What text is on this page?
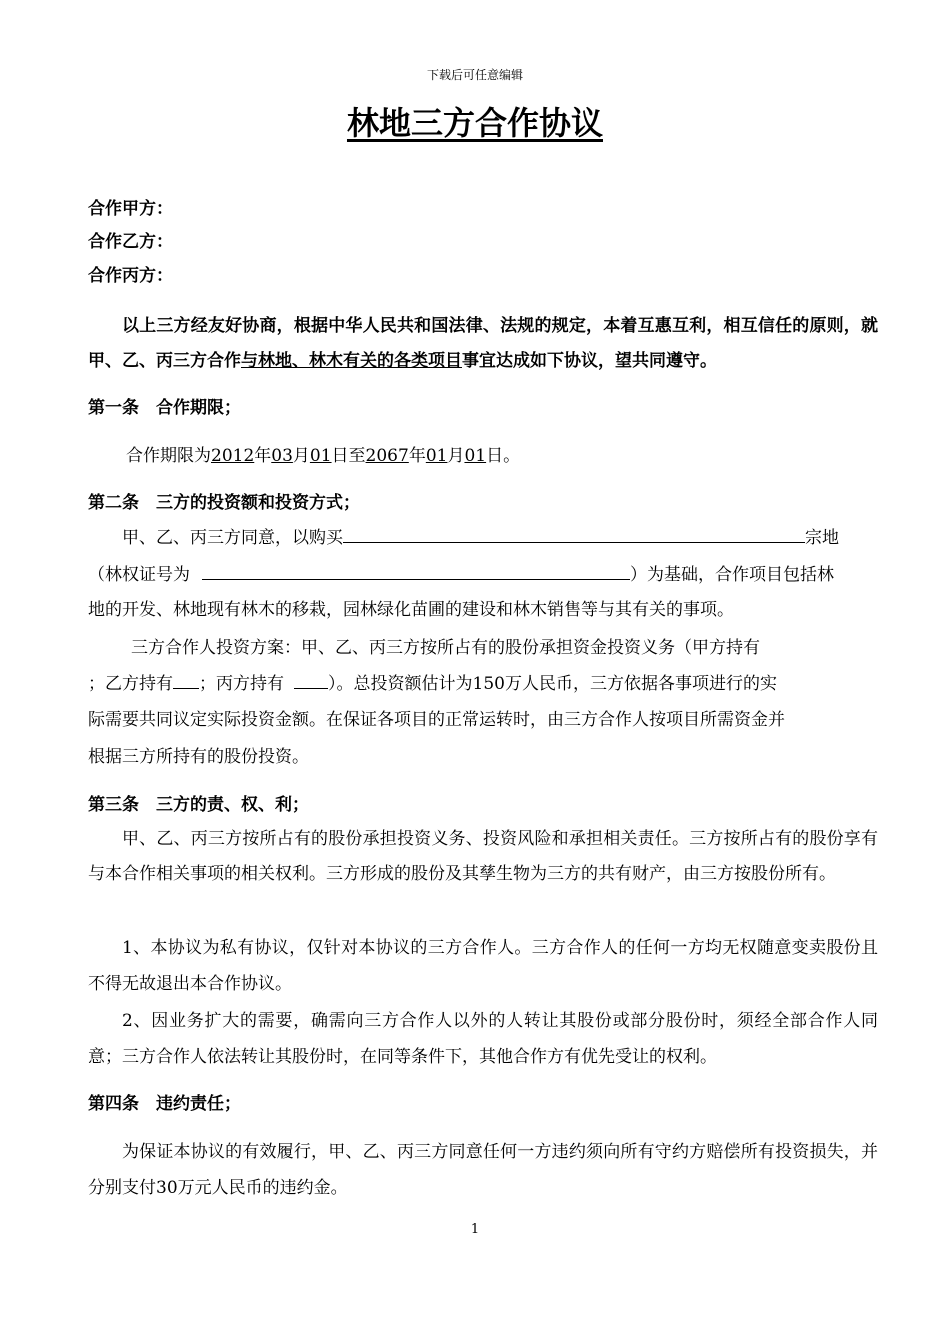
下载后可任意编辑
林地三方合作协议
合作甲方：
合作乙方：
合作丙方：
以上三方经友好协商，根据中华人民共和国法律、法规的规定，本着互惠互利，相互信任的原则，就甲、乙、丙三方合作与林地、林木有关的各类项目事宜达成如下协议，望共同遵守。
第一条　合作期限；
合作期限为2012年03月01日至2067年01月01日。
第二条　三方的投资额和投资方式；
甲、乙、丙三方同意，以购买	宗地
（林权证号为	）为基础，合作项目包括林
地的开发、林地现有林木的移栽，园林绿化苗圃的建设和林木销售等与其有关的事项。
三方合作人投资方案：甲、乙、丙三方按所占有的股份承担资金投资义务（甲方持有
；乙方持有 ；丙方持有	）。总投资额估计为150万人民币，三方依据各事项进行的实
际需要共同议定实际投资金额。在保证各项目的正常运转时，由三方合作人按项目所需资金并
根据三方所持有的股份投资。
第三条　三方的责、权、利；
甲、乙、丙三方按所占有的股份承担投资义务、投资风险和承担相关责任。三方按所占有的股份享有与本合作相关事项的相关权利。三方形成的股份及其孳生物为三方的共有财产，由三方按股份所有。
1、本协议为私有协议，仅针对本协议的三方合作人。三方合作人的任何一方均无权随意变卖股份且不得无故退出本合作协议。
2、因业务扩大的需要，确需向三方合作人以外的人转让其股份或部分股份时，须经全部合作人同意；三方合作人依法转让其股份时，在同等条件下，其他合作方有优先受让的权利。
第四条　违约责任；
为保证本协议的有效履行，甲、乙、丙三方同意任何一方违约须向所有守约方赔偿所有投资损失，并分别支付30万元人民币的违约金。
1
